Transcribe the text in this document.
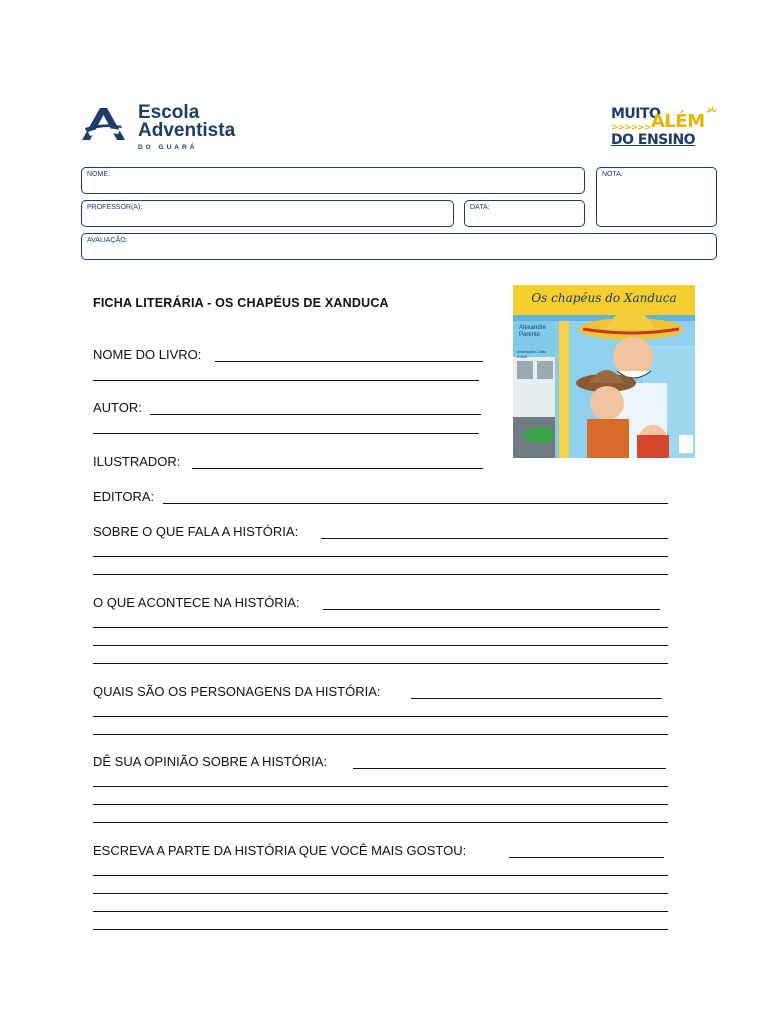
Escola
Adventista
DO GUARÁ
MUITO
>>>>>> ALÉM
DO ENSINO
NOME:	NOTA:
PROFESSOR(A):	DATA:
AVALIAÇÃO:
FICHA LITERÁRIA - OS CHAPÉUS DE XANDUCA	Os chapéus do Xanduca
Alexandre Parente
Ilustrações João Kobel
NOME DO LIVRO:
AUTOR:
ILUSTRADOR:
EDITORA:
SOBRE O QUE FALA A HISTÓRIA:
O QUE ACONTECE NA HISTÓRIA:
QUAIS SÃO OS PERSONAGENS DA HISTÓRIA:
DÊ SUA OPINIÃO SOBRE A HISTÓRIA:
ESCREVA A PARTE DA HISTÓRIA QUE VOCÊ MAIS GOSTOU:
